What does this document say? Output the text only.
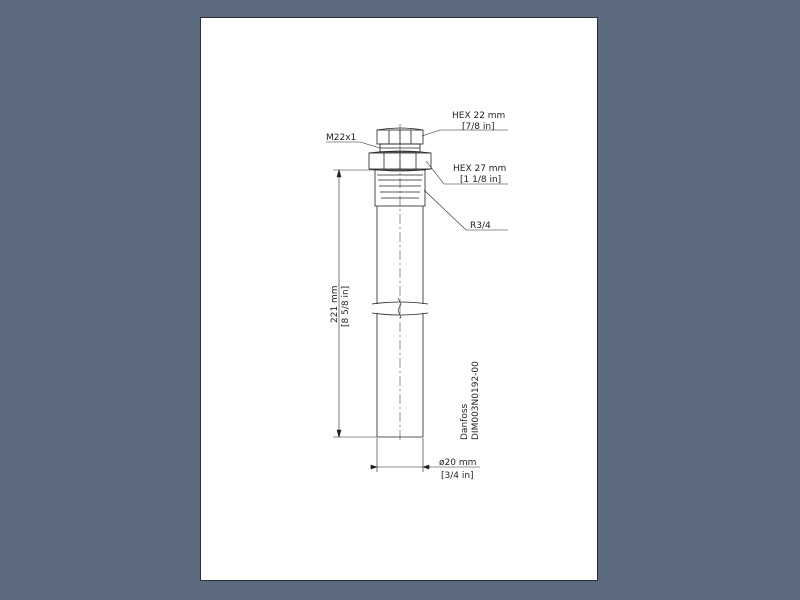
HEX 22 mm
[7/8 in]
M22x1
HEX 27 mm
[1 1/8 in]
R3/4
221 mm [8 5/8 in]
ø20 mm
[3/4 in]
Danfoss DIM003N0192-00
